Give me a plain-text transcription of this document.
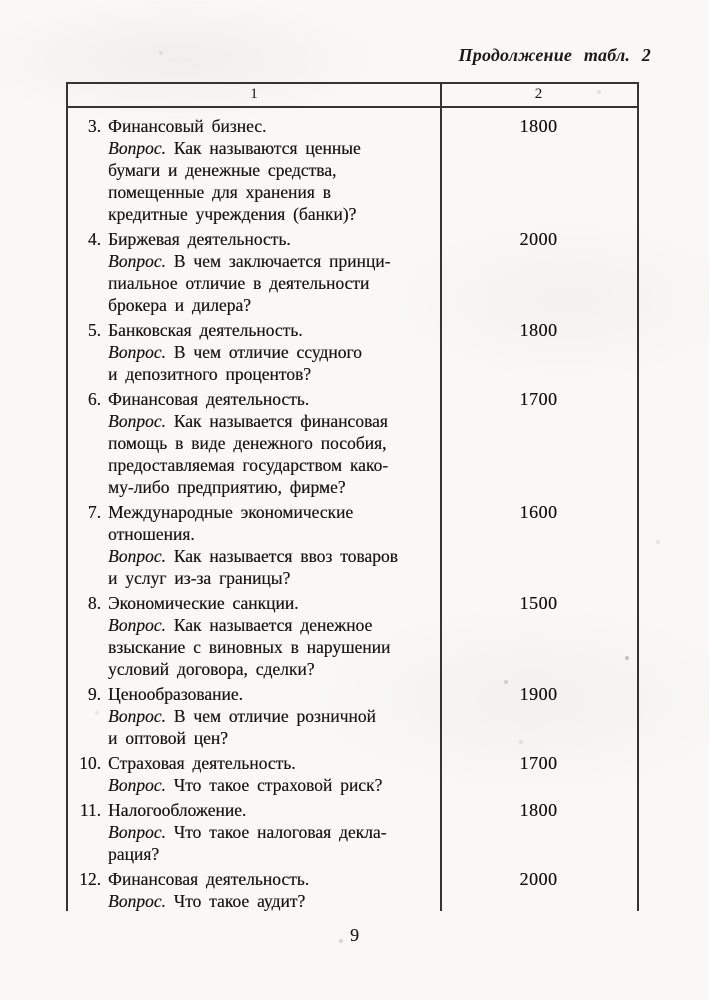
Продолжение табл. 2
1	2
3. Финансовый бизнес.
Вопрос. Как называются ценные
бумаги и денежные средства,
помещенные для хранения в
кредитные учреждения (банки)?
1800
4. Биржевая деятельность.
Вопрос. В чем заключается принци-
пиальное отличие в деятельности
брокера и дилера?
2000
5. Банковская деятельность.
Вопрос. В чем отличие ссудного
и депозитного процентов?
1800
6. Финансовая деятельность.
Вопрос. Как называется финансовая
помощь в виде денежного пособия,
предоставляемая государством како-
му-либо предприятию, фирме?
1700
7. Международные экономические
отношения.
Вопрос. Как называется ввоз товаров
и услуг из-за границы?
1600
8. Экономические санкции.
Вопрос. Как называется денежное
взыскание с виновных в нарушении
условий договора, сделки?
1500
9. Ценообразование.
Вопрос. В чем отличие розничной
и оптовой цен?
1900
10. Страховая деятельность.
Вопрос. Что такое страховой риск?
1700
11. Налогообложение.
Вопрос. Что такое налоговая декла-
рация?
1800
12. Финансовая деятельность.
Вопрос. Что такое аудит?
2000
9
